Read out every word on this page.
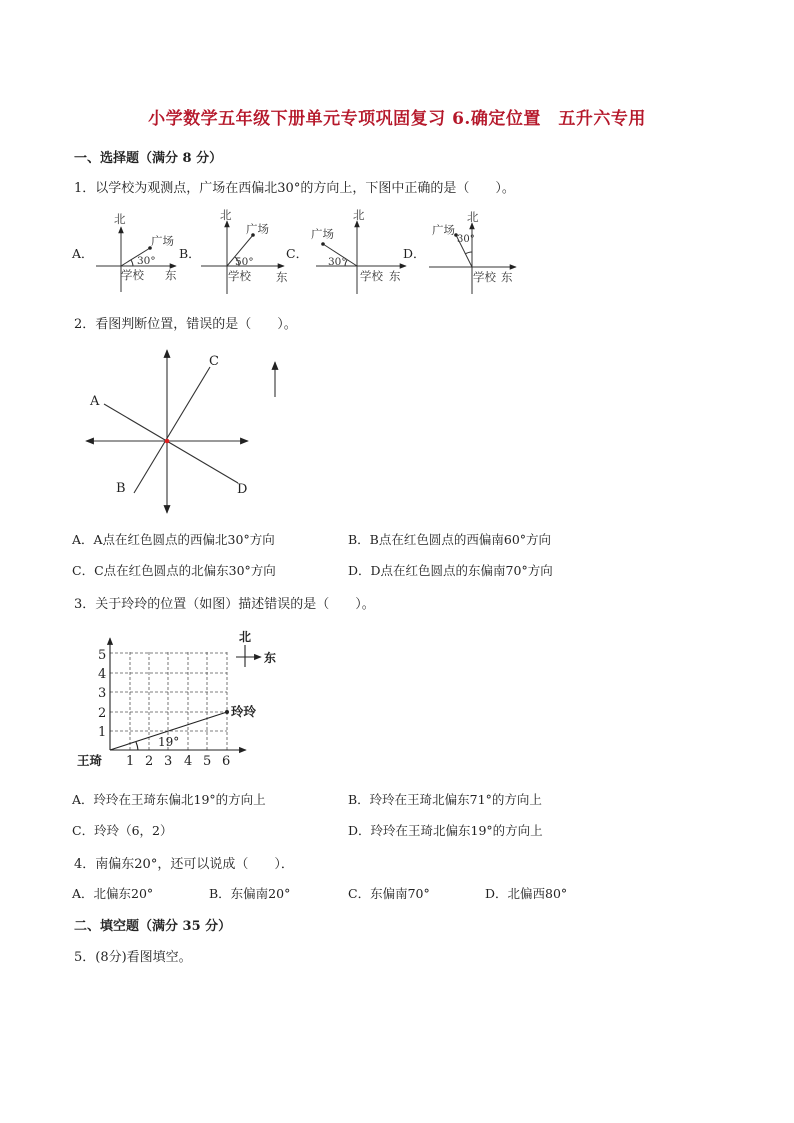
小学数学五年级下册单元专项巩固复习 6.确定位置　五升六专用
一、选择题（满分 8 分）
1．以学校为观测点，广场在西偏北30°的方向上，下图中正确的是（　　）。
A．
北
广场
30°
学校 东
B．
北
广场
50°
学校 东
C．
北
广场
30°
学校 东
D．
北
广场
30°
学校 东
2．看图判断位置，错误的是（　　）。
A
B
C
D
A．A点在红色圆点的西偏北30°方向	B．B点在红色圆点的西偏南60°方向
C．C点在红色圆点的北偏东30°方向	D．D点在红色圆点的东偏南70°方向
3．关于玲玲的位置（如图）描述错误的是（　　）。
北
东
5
4
3
2
1
1 2 3 4 5 6
玲玲
王琦
19°
A．玲玲在王琦东偏北19°的方向上	B．玲玲在王琦北偏东71°的方向上
C．玲玲（6，2）	D．玲玲在王琦北偏东19°的方向上
4．南偏东20°，还可以说成（　　）．
A．北偏东20°	B．东偏南20°	C．东偏南70°	D．北偏西80°
二、填空题（满分 35 分）
5．(8分)看图填空。
